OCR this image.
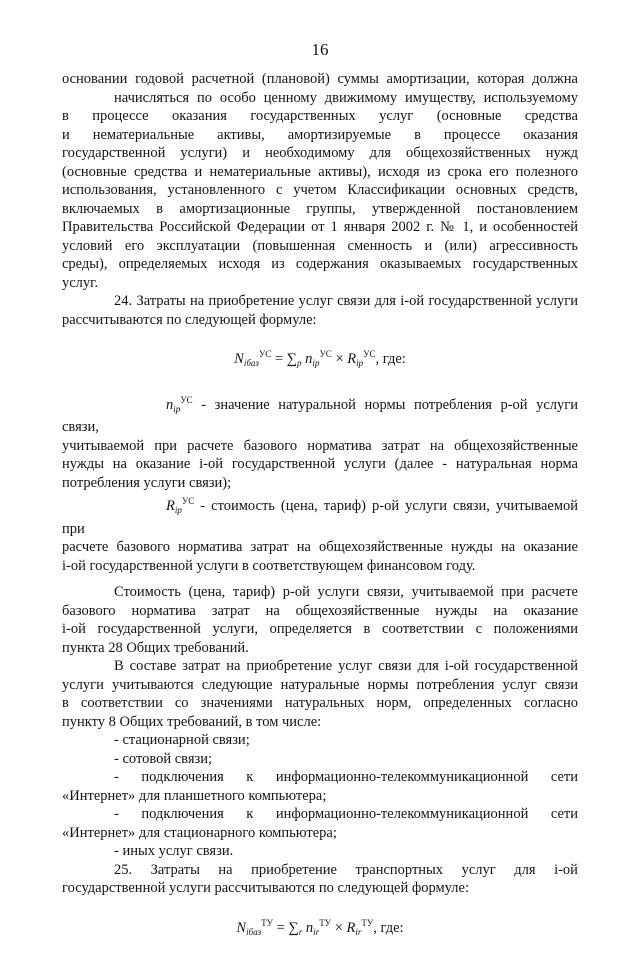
16

основании годовой расчетной (плановой) суммы амортизации, которая должна

начисляться по особо ценному движимому имуществу, используемому

в процессе оказания государственных услуг (основные средства

и нематериальные активы, амортизируемые в процессе оказания

государственной услуги) и необходимому для общехозяйственных нужд

(основные средства и нематериальные активы), исходя из срока его полезного

использования, установленного с учетом Классификации основных средств,

включаемых в амортизационные группы, утвержденной постановлением

Правительства Российской Федерации от 1 января 2002 г. № 1, и особенностей

условий его эксплуатации (повышенная сменность и (или) агрессивность

среды), определяемых исходя из содержания оказываемых государственных

услуг.

24. Затраты на приобретение услуг связи для i-ой государственной услуги

рассчитываются по следующей формуле:

$N_{iбаз}^{УС} = \sum_p$ $n_{ip}^{УС} \times R_{ip}^{УС}$, где:

$n_{ip}^{УС}$ - значение натуральной нормы потребления p-ой услуги связи,

учитываемой при расчете базового норматива затрат на общехозяйственные

нужды на оказание i-ой государственной услуги (далее - натуральная норма

потребления услуги связи);

$R_{ip}^{УС}$ - стоимость (цена, тариф) p-ой услуги связи, учитываемой при

расчете базового норматива затрат на общехозяйственные нужды на оказание

i-ой государственной услуги в соответствующем финансовом году.

Стоимость (цена, тариф) p-ой услуги связи, учитываемой при расчете

базового норматива затрат на общехозяйственные нужды на оказание

i-ой государственной услуги, определяется в соответствии с положениями

пункта 28 Общих требований.

В составе затрат на приобретение услуг связи для i-ой государственной

услуги учитываются следующие натуральные нормы потребления услуг связи

в соответствии со значениями натуральных норм, определенных согласно

пункту 8 Общих требований, в том числе:

- стационарной связи;

- сотовой связи;

- подключения к информационно-телекоммуникационной сети

«Интернет» для планшетного компьютера;

- подключения к информационно-телекоммуникационной сети

«Интернет» для стационарного компьютера;

- иных услуг связи.

25. Затраты на приобретение транспортных услуг для i-ой

государственной услуги рассчитываются по следующей формуле:

$N_{iбаз}^{ТУ} = \sum_r$ $n_{ir}^{ТУ} \times R_{ir}^{ТУ}$, где:
